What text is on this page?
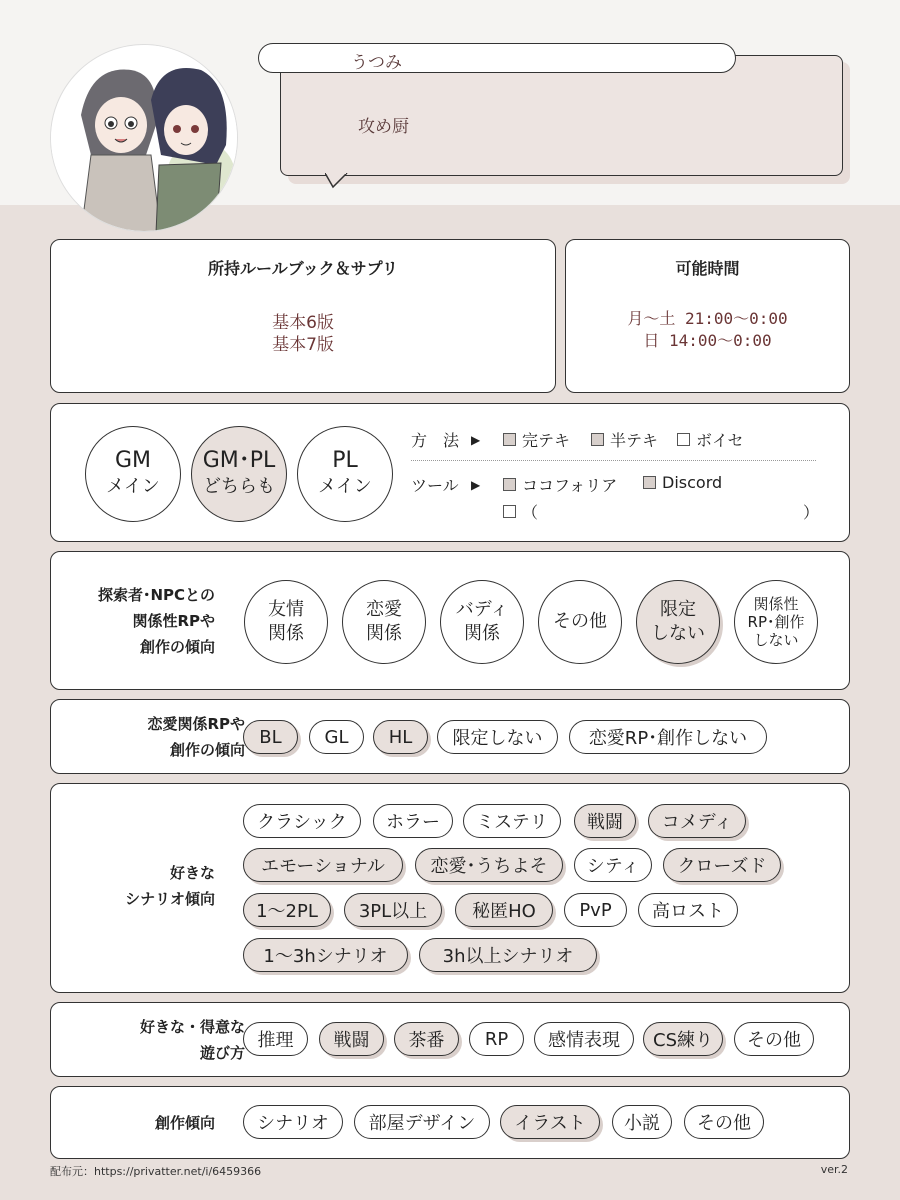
うつみ
攻め厨
所持ルールブック＆サプリ
基本6版
基本7版
可能時間
月〜土 21:00〜0:00
日 14:00〜0:00
GM
メイン
GM･PL
どちらも
PL
メイン
方　法 ▶	完テキ 半テキ ボイセ
ツール	▶	ココフォリア	Discord
（	）
探索者･NPCとの
関係性RPや
創作の傾向
友情
関係
恋愛
関係
バディ
関係
その他
限定
しない
関係性
RP･創作
しない
恋愛関係RPや
創作の傾向
BL	GL	HL	限定しない	恋愛RP･創作しない
好きな
シナリオ傾向
クラシック	ホラー	ミステリ	戦闘	コメディ
エモーショナル	恋愛･うちよそ	シティ	クローズド
1〜2PL	3PL以上	秘匿HO	PvP	高ロスト
1〜3hシナリオ	3h以上シナリオ
好きな・得意な
遊び方
推理	戦闘	茶番	RP	感情表現	CS練り	その他
創作傾向	シナリオ	部屋デザイン	イラスト	小説	その他
配布元：https://privatter.net/i/6459366	ver.2
